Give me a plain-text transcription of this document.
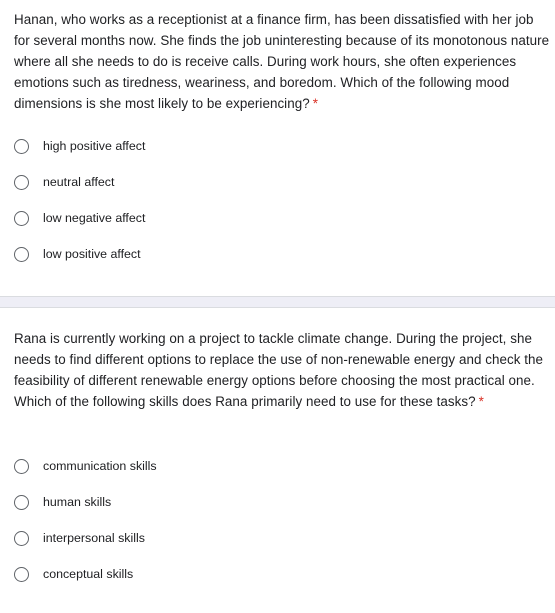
Hanan, who works as a receptionist at a finance firm, has been dissatisfied with her job for several months now. She finds the job uninteresting because of its monotonous nature where all she needs to do is receive calls. During work hours, she often experiences emotions such as tiredness, weariness, and boredom. Which of the following mood dimensions is she most likely to be experiencing? *
high positive affect
neutral affect
low negative affect
low positive affect
Rana is currently working on a project to tackle climate change. During the project, she needs to find different options to replace the use of non-renewable energy and check the feasibility of different renewable energy options before choosing the most practical one. Which of the following skills does Rana primarily need to use for these tasks? *
communication skills
human skills
interpersonal skills
conceptual skills
